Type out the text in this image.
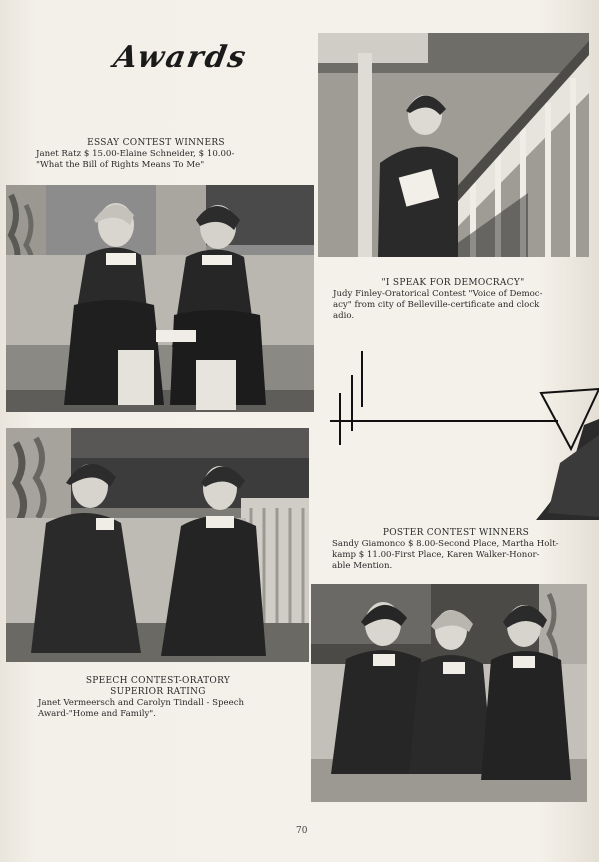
Awards
ESSAY CONTEST WINNERS
Janet Ratz $ 15.00-Elaine Schneider, $ 10.00-
"What the Bill of Rights Means To Me"
"I SPEAK FOR DEMOCRACY"
Judy Finley-Oratorical Contest "Voice of Democ-
acy" from city of Belleville-certificate and clock
adio.
POSTER CONTEST WINNERS
Sandy Giamonco $ 8.00-Second Place, Martha Holt-
kamp $ 11.00-First Place, Karen Walker-Honor-
able Mention.
SPEECH CONTEST-ORATORY
SUPERIOR RATING
Janet Vermeersch and Carolyn Tindall - Speech
Award-"Home and Family".
70
